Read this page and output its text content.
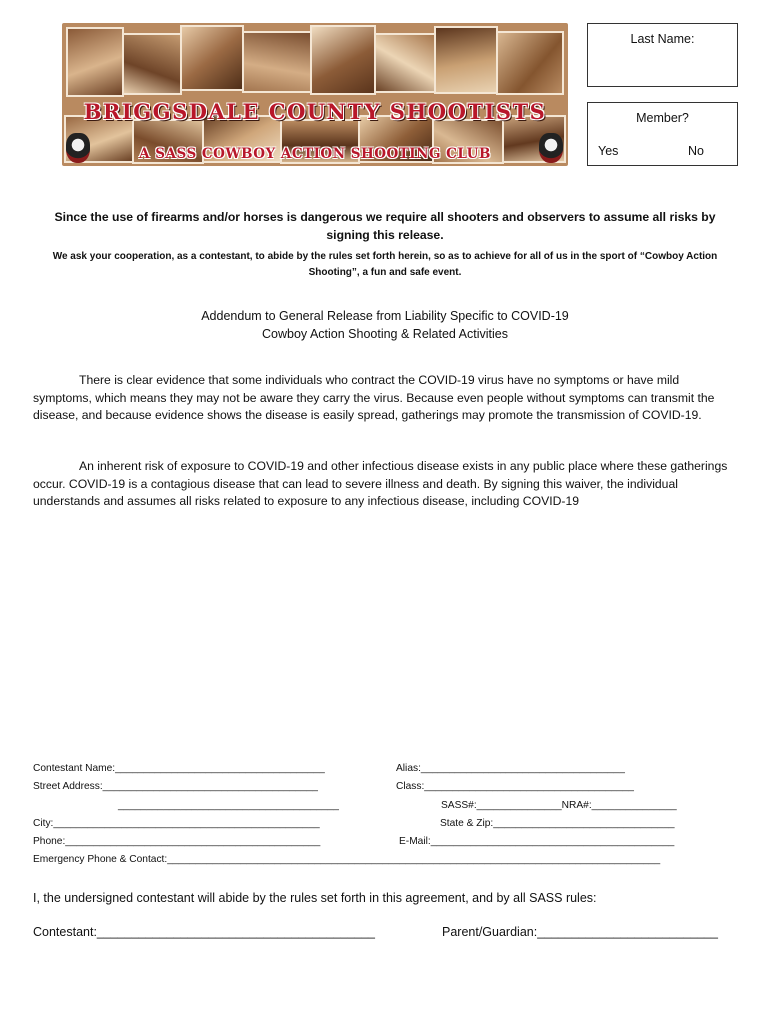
BRIGGSDALE COUNTY SHOOTISTS
A SASS COWBOY ACTION SHOOTING CLUB
Last Name:
Member?
Yes	No
Since the use of firearms and/or horses is dangerous we require all shooters and observers to assume all risks by signing this release.
We ask your cooperation, as a contestant, to abide by the rules set forth herein, so as to achieve for all of us in the sport of “Cowboy Action Shooting”, a fun and safe event.
Addendum to General Release from Liability Specific to COVID-19
Cowboy Action Shooting & Related Activities
There is clear evidence that some individuals who contract the COVID-19 virus have no symptoms or have mild symptoms, which means they may not be aware they carry the virus. Because even people without symptoms can transmit the disease, and because evidence shows the disease is easily spread, gatherings may promote the transmission of COVID-19.
An inherent risk of exposure to COVID-19 and other infectious disease exists in any public place where these gatherings occur. COVID-19 is a contagious disease that can lead to severe illness and death. By signing this waiver, the individual understands and assumes all risks related to exposure to any infectious disease, including COVID-19
Contestant Name:_____________________________________	Alias:____________________________________
Street Address:______________________________________	Class:_____________________________________
_______________________________________	SASS#:_______________NRA#:_______________
City:_______________________________________________	State & Zip:________________________________
Phone:_____________________________________________	E-Mail:___________________________________________
Emergency Phone & Contact:_______________________________________________________________________________________
I, the undersigned contestant will abide by the rules set forth in this agreement, and by all SASS rules:
Contestant:________________________________________	Parent/Guardian:__________________________
